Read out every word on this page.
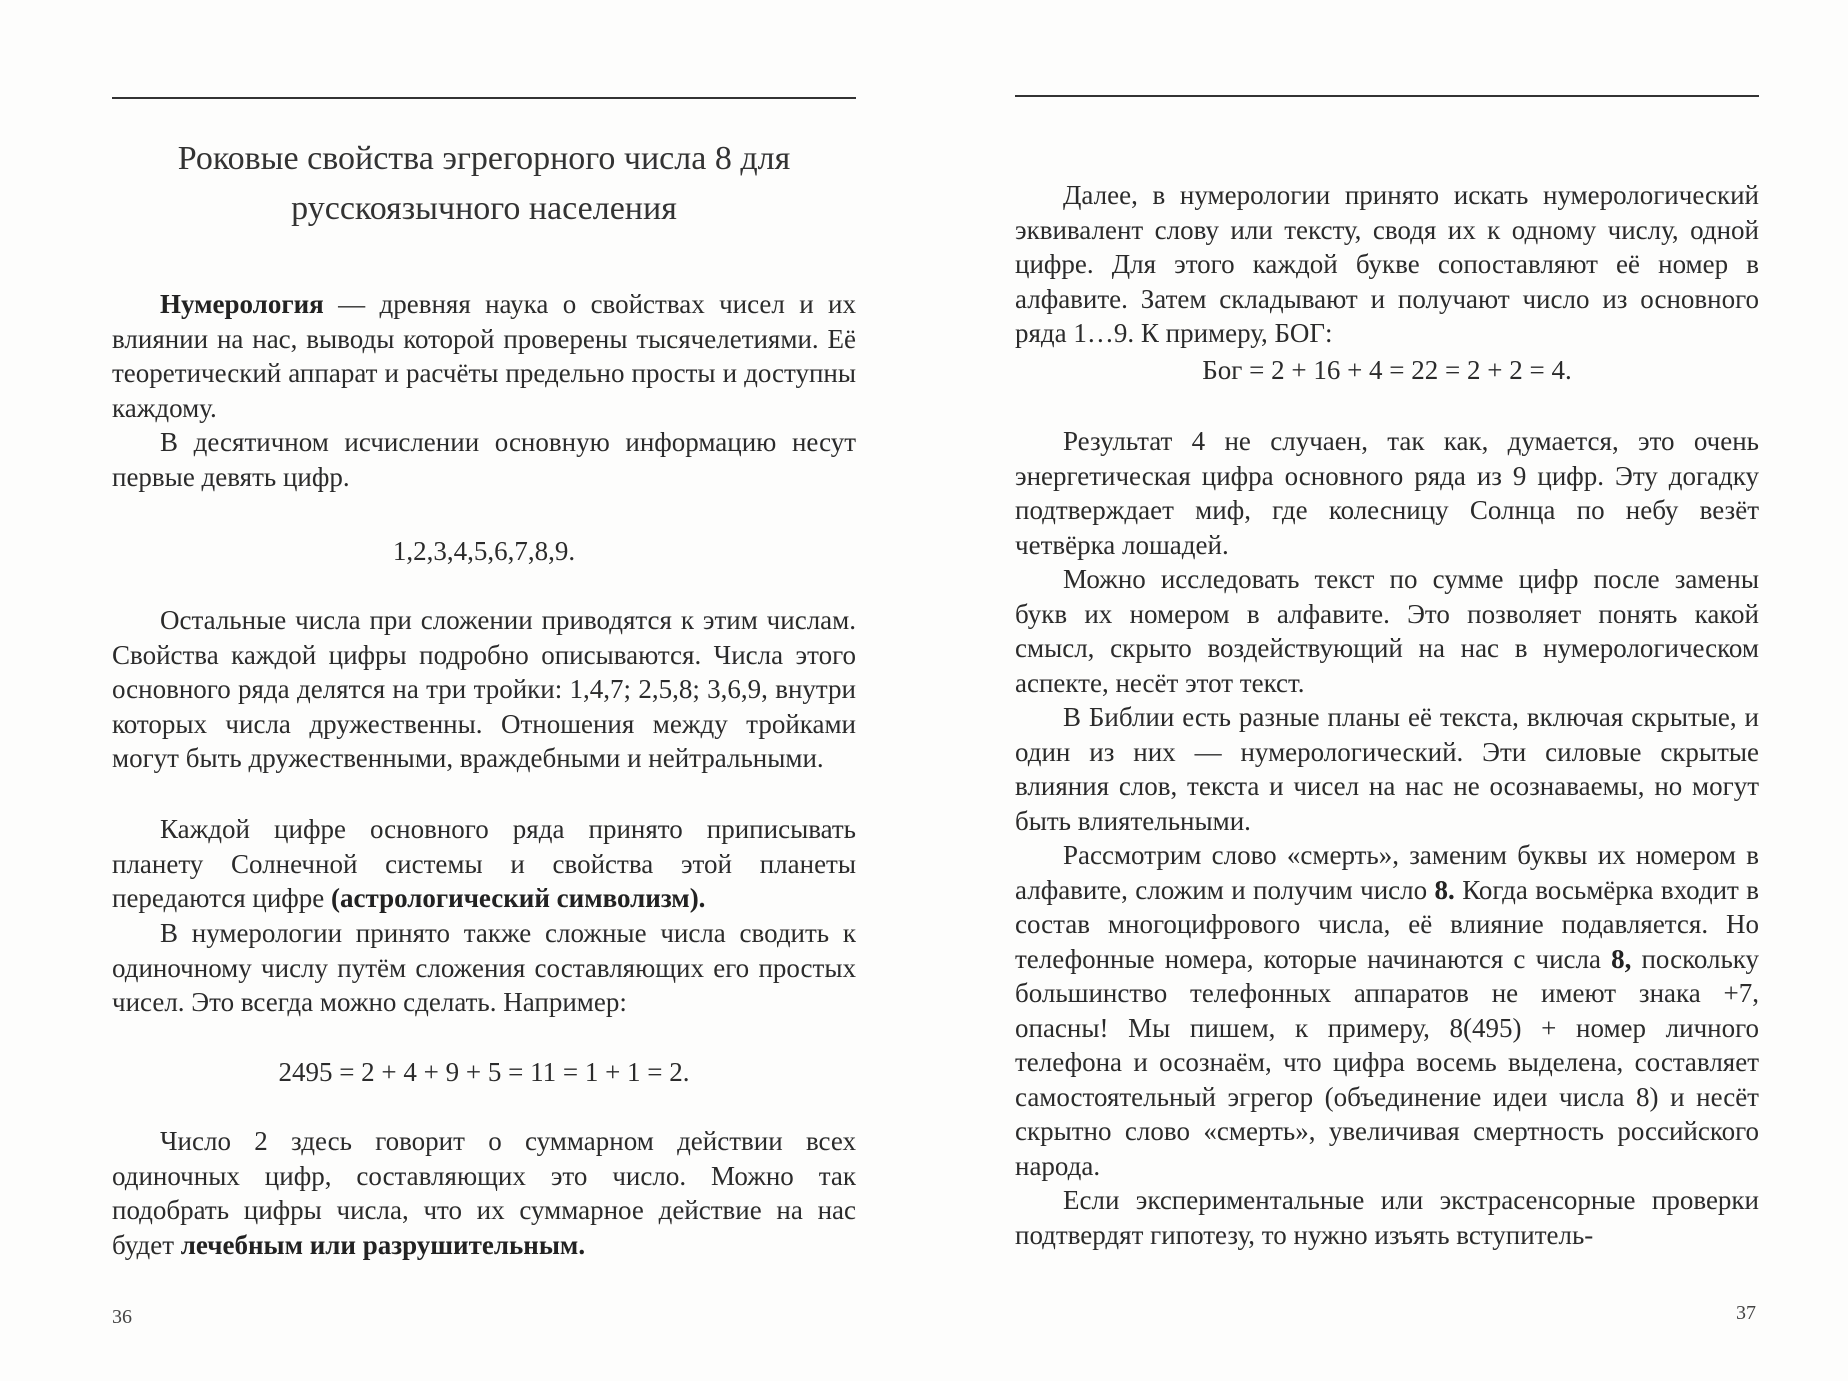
Роковые свойства эгрегорного числа 8 для
русскоязычного населения
Нумерология — древняя наука о свойствах чисел и их влиянии на нас, выводы которой проверены тысячелетиями. Её теоретический аппарат и расчёты предельно просты и доступны каждому.
В десятичном исчислении основную информацию несут первые девять цифр.
1,2,3,4,5,6,7,8,9.
Остальные числа при сложении приводятся к этим числам. Свойства каждой цифры подробно описываются. Числа этого основного ряда делятся на три тройки: 1,4,7; 2,5,8; 3,6,9, внутри которых числа дружественны. Отношения между тройками могут быть дружественными, враждебными и нейтральными.
Каждой цифре основного ряда принято приписывать планету Солнечной системы и свойства этой планеты передаются цифре (астрологический символизм).
В нумерологии принято также сложные числа сводить к одиночному числу путём сложения составляющих его простых чисел. Это всегда можно сделать. Например:
2495 = 2 + 4 + 9 + 5 = 11 = 1 + 1 = 2.
Число 2 здесь говорит о суммарном действии всех одиночных цифр, составляющих это число. Можно так подобрать цифры числа, что их суммарное действие на нас будет лечебным или разрушительным.
36
Далее, в нумерологии принято искать нумерологический эквивалент слову или тексту, сводя их к одному числу, одной цифре. Для этого каждой букве сопоставляют её номер в алфавите. Затем складывают и получают число из основного ряда 1…9. К примеру, БОГ:
Бог = 2 + 16 + 4 = 22 = 2 + 2 = 4.
Результат 4 не случаен, так как, думается, это очень энергетическая цифра основного ряда из 9 цифр. Эту догадку подтверждает миф, где колесницу Солнца по небу везёт четвёрка лошадей.
Можно исследовать текст по сумме цифр после замены букв их номером в алфавите. Это позволяет понять какой смысл, скрыто воздействующий на нас в нумерологическом аспекте, несёт этот текст.
В Библии есть разные планы её текста, включая скрытые, и один из них — нумерологический. Эти силовые скрытые влияния слов, текста и чисел на нас не осознаваемы, но могут быть влиятельными.
Рассмотрим слово «смерть», заменим буквы их номером в алфавите, сложим и получим число 8. Когда восьмёрка входит в состав многоцифрового числа, её влияние подавляется. Но телефонные номера, которые начинаются с числа 8, поскольку большинство телефонных аппаратов не имеют знака +7, опасны! Мы пишем, к примеру, 8(495) + номер личного телефона и осознаём, что цифра восемь выделена, составляет самостоятельный эгрегор (объединение идеи числа 8) и несёт скрытно слово «смерть», увеличивая смертность российского народа.
Если экспериментальные или экстрасенсорные проверки подтвердят гипотезу, то нужно изъять вступитель-
37
